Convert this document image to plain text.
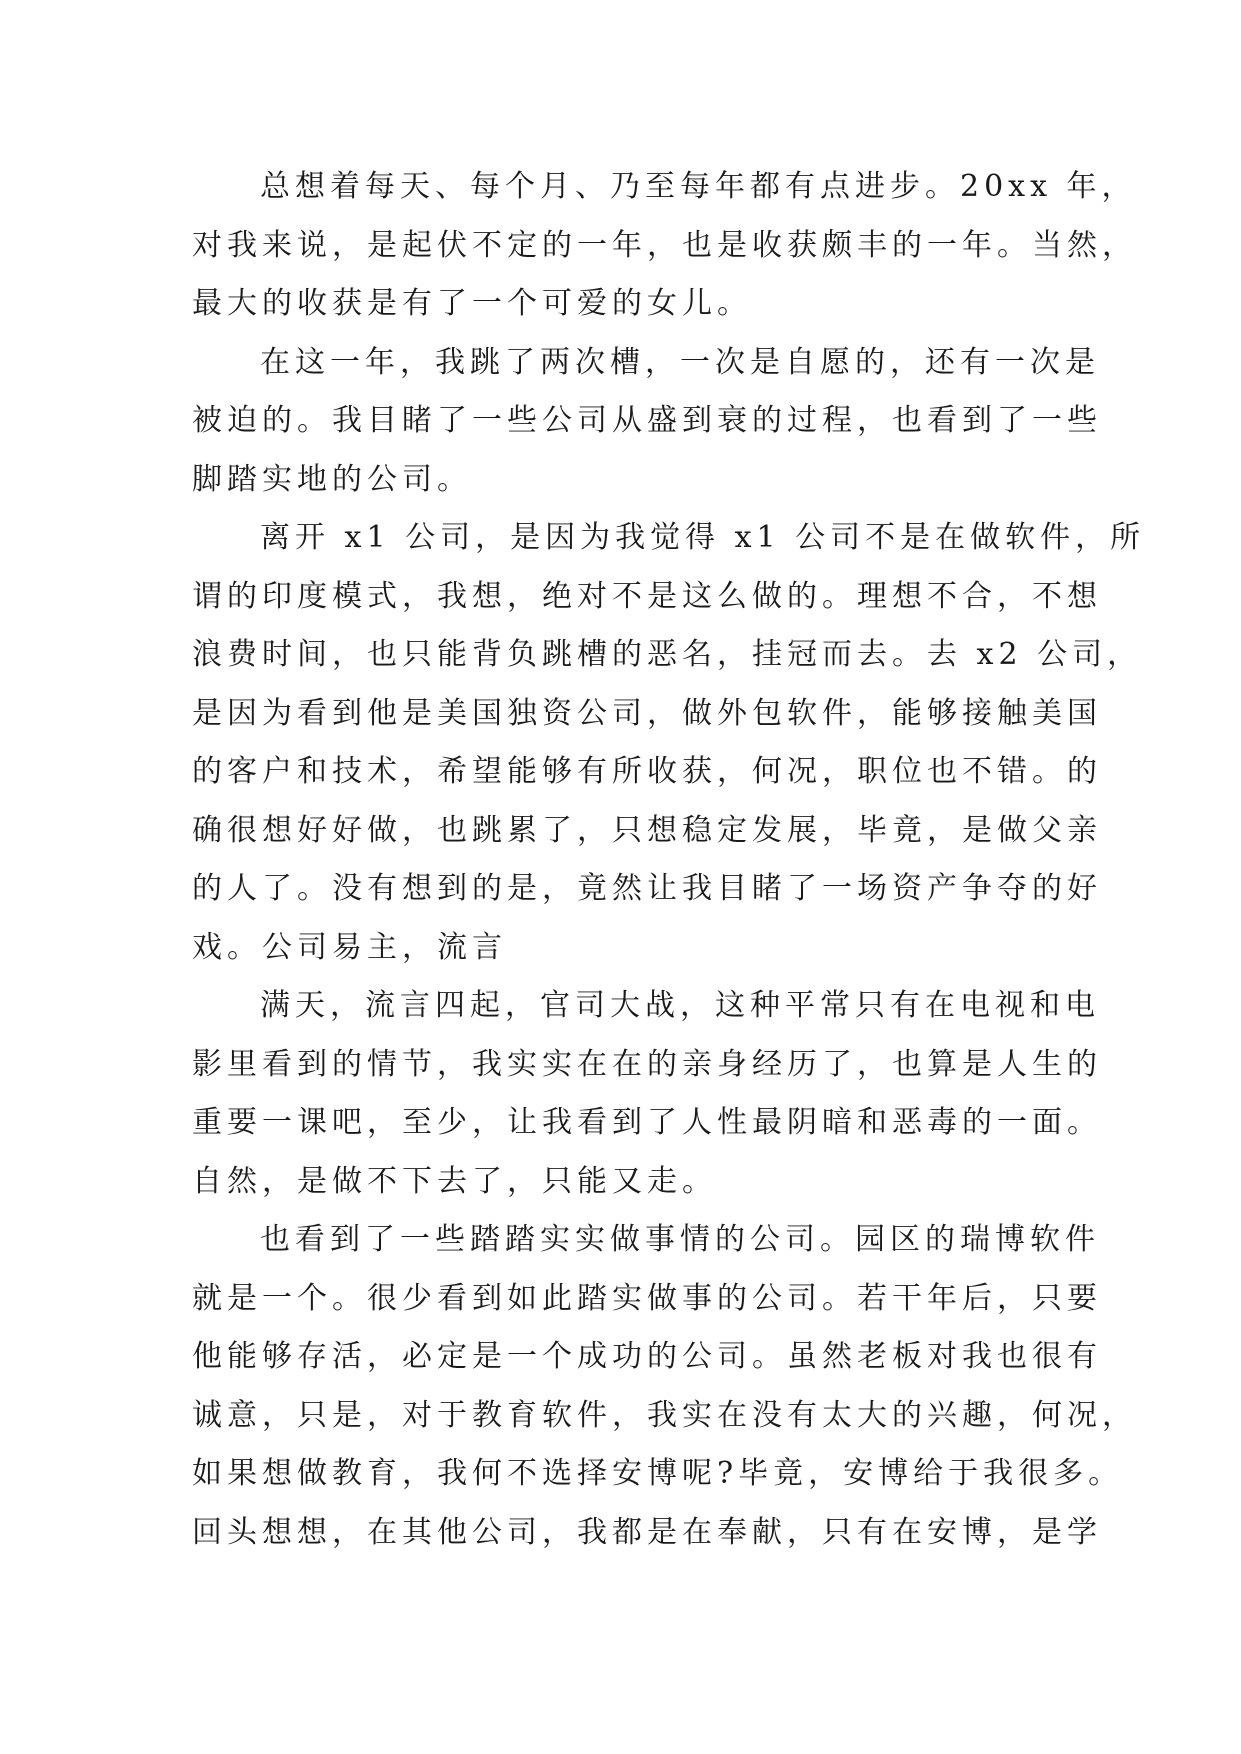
总想着每天、每个月、乃至每年都有点进步。20xx 年，
对我来说，是起伏不定的一年，也是收获颇丰的一年。当然，
最大的收获是有了一个可爱的女儿。
在这一年，我跳了两次槽，一次是自愿的，还有一次是
被迫的。我目睹了一些公司从盛到衰的过程，也看到了一些
脚踏实地的公司。
离开 x1 公司，是因为我觉得 x1 公司不是在做软件，所
谓的印度模式，我想，绝对不是这么做的。理想不合，不想
浪费时间，也只能背负跳槽的恶名，挂冠而去。去 x2 公司，
是因为看到他是美国独资公司，做外包软件，能够接触美国
的客户和技术，希望能够有所收获，何况，职位也不错。的
确很想好好做，也跳累了，只想稳定发展，毕竟，是做父亲
的人了。没有想到的是，竟然让我目睹了一场资产争夺的好
戏。公司易主，流言
满天，流言四起，官司大战，这种平常只有在电视和电
影里看到的情节，我实实在在的亲身经历了，也算是人生的
重要一课吧，至少，让我看到了人性最阴暗和恶毒的一面。
自然，是做不下去了，只能又走。
也看到了一些踏踏实实做事情的公司。园区的瑞博软件
就是一个。很少看到如此踏实做事的公司。若干年后，只要
他能够存活，必定是一个成功的公司。虽然老板对我也很有
诚意，只是，对于教育软件，我实在没有太大的兴趣，何况，
如果想做教育，我何不选择安博呢?毕竟，安博给于我很多。
回头想想，在其他公司，我都是在奉献，只有在安博，是学
